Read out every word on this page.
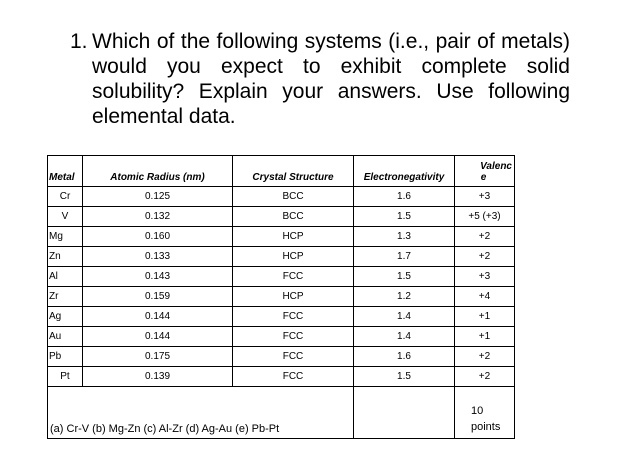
1. Which of the following systems (i.e., pair of metals) would you expect to exhibit complete solid solubility? Explain your answers. Use following elemental data.
Metal	Atomic Radius (nm)	Crystal Structure	Electronegativity	Valenc
e
Cr	0.125	BCC	1.6	+3
V	0.132	BCC	1.5	+5 (+3)
Mg	0.160	HCP	1.3	+2
Zn	0.133	HCP	1.7	+2
Al	0.143	FCC	1.5	+3
Zr	0.159	HCP	1.2	+4
Ag	0.144	FCC	1.4	+1
Au	0.144	FCC	1.4	+1
Pb	0.175	FCC	1.6	+2
Pt	0.139	FCC	1.5	+2
(a) Cr-V (b) Mg-Zn (c) Al-Zr (d) Ag-Au (e) Pb-Pt				10
points
